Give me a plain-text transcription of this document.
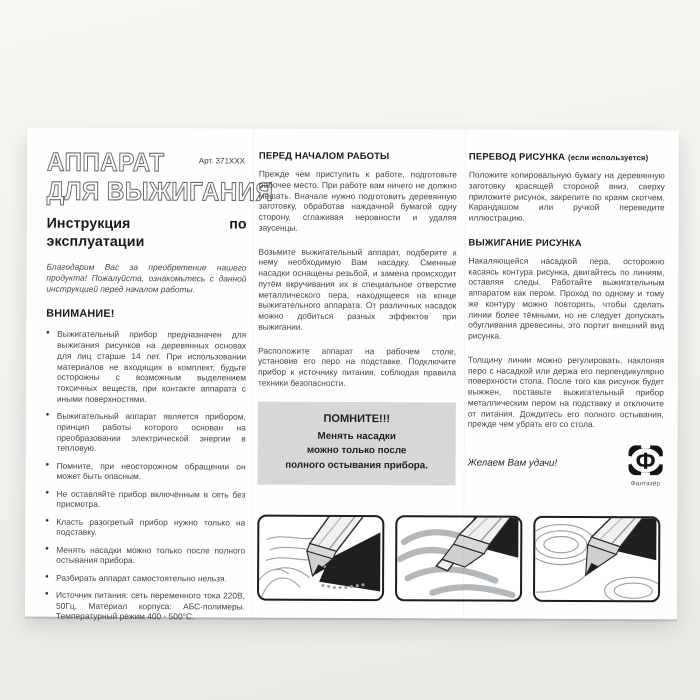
Арт. 371XXX
АППАРАТ
ДЛЯ ВЫЖИГАНИЯ
Инструкция по эксплуатации
Благодарим Вас за преобретение нашего продукта! Пожалуйста, ознакомьтесь с данной инструкцией перед началом работы.
ВНИМАНИЕ!
• Выжигательный прибор предназначен для выжигания рисунков на деревянных основах для лиц старше 14 лет. При использовании материалов не входящих в комплект, будьте осторожны с возможным выделением токсичных веществ, при контакте аппарата с иными поверхностями.
• Выжигательный аппарат является прибором, принцип работы которого основан на преобразовании электрической энергии в тепловую.
• Помните, при неосторожном обращении он может быть опасным.
• Не оставляйте прибор включённым в сеть без присмотра.
• Класть разогретый прибор нужно только на подставку.
• Менять насадки можно только после полного остывания прибора.
• Разбирать аппарат самостоятельно нельзя.
• Источник питания: сеть переменного тока 220В, 50Гц. Материал корпуса: АБС-полимеры. Температурный режим 400 - 500°С.
ПЕРЕД НАЧАЛОМ РАБОТЫ
Прежде чем приступить к работе, подготовьте рабочее место. При работе вам ничего не должно мешать. Вначале нужно подготовить деревянную заготовку, обработав наждачной бумагой одну сторону, сглаживая неровности и удаляя заусенцы.
Возьмите выжигательный аппарат, подберите к нему необходимую Вам насадку. Сменные насадки оснащены резьбой, и замена происходит путём вкручивания их в специальное отверстие металлического пера, находящееся на конце выжигательного аппарата. От различных насадок можно добиться разных эффектов при выжигании.
Расположите аппарат на рабочем столе, установив его перо на подставке. Подключите прибор к источнику питания, соблюдая правила техники безопасности.
ПОМНИТЕ!!!
Менять насадки
можно только после
полного остывания прибора.
ПЕРЕВОД РИСУНКА (если используется)
Положите копировальную бумагу на деревянную заготовку красящей стороной вниз, сверху приложите рисунок, закрепите по краям скотчем. Карандашом или ручкой переведите иллюстрацию.
ВЫЖИГАНИЕ РИСУНКА
Накаляющейся насадкой пера, осторожно касаясь контура рисунка, двигайтесь по линиям, оставляя следы. Работайте выжигательным аппаратом как пером. Проход по одному и тому же контуру можно повторять, чтобы сделать линии более тёмными, но не следует допускать обугливания древесины, это портит внешний вид рисунка.
Толщину линии можно регулировать, наклоняя перо с насадкой или держа его перпендикулярно поверхности стола. После того как рисунок будет выжжен, поставьте выжигательный прибор металлическим пером на подставку и отключите от питания. Дождитесь его полного остывания, прежде чем убрать его со стола.
Желаем Вам удачи!	Ф
Фантазёр
